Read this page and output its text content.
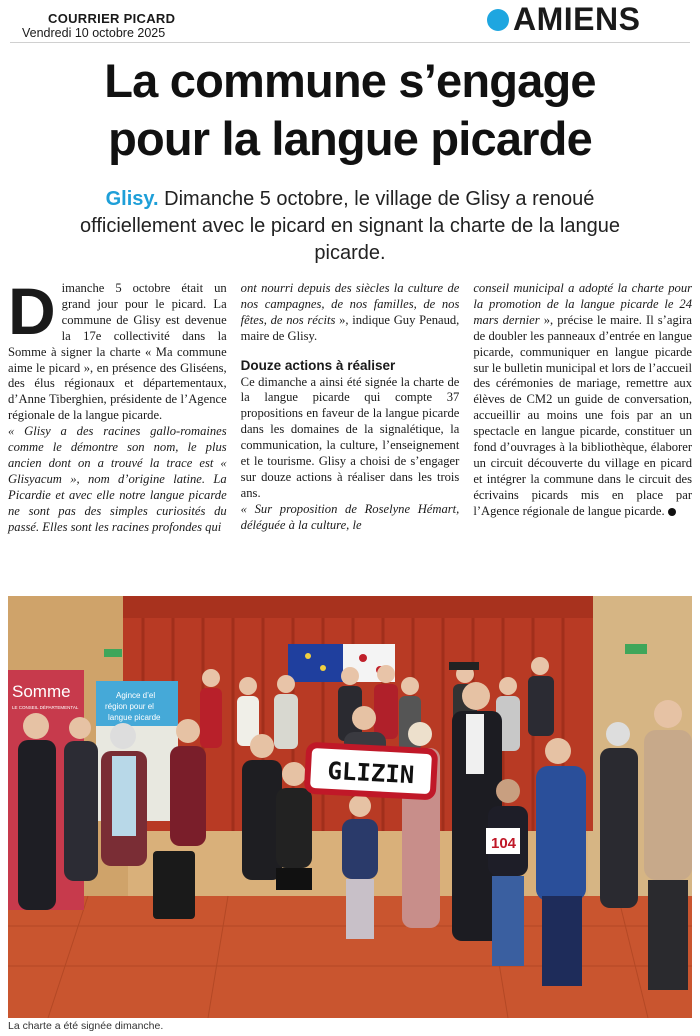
COURRIER PICARD
Vendredi 10 octobre 2025	AMIENS
La commune s’engage
pour la langue picarde

Glisy. Dimanche 5 octobre, le village de Glisy a renoué officiellement avec le picard en signant la charte de la langue picarde.

Dimanche 5 octobre était un grand jour pour le picard. La commune de Glisy est devenue la 17e collectivité dans la Somme à signer la charte « Ma commune aime le picard », en présence des Gliséens, des élus régionaux et départementaux, d’Anne Tiberghien, présidente de l’Agence régionale de la langue picarde.

« Glisy a des racines gallo-romaines comme le démontre son nom, le plus ancien dont on a trouvé la trace est « Glisyacum », nom d’origine latine. La Picardie et avec elle notre langue picarde ne sont pas des simples curiosités du passé. Elles sont les racines profondes qui

ont nourri depuis des siècles la culture de nos campagnes, de nos familles, de nos fêtes, de nos récits », indique Guy Penaud, maire de Glisy.

Douze actions à réaliser

Ce dimanche a ainsi été signée la charte de la langue picarde qui compte 37 propositions en faveur de la langue picarde dans les domaines de la signalétique, la communication, la culture, l’enseignement et le tourisme. Glisy a choisi de s’engager sur douze actions à réaliser dans les trois ans.

« Sur proposition de Roselyne Hémart, déléguée à la culture, le

conseil municipal a adopté la charte pour la promotion de la langue picarde le 24 mars dernier », précise le maire. Il s’agira de doubler les panneaux d’entrée en langue picarde, communiquer en langue picarde sur le bulletin municipal et lors de l’accueil des cérémonies de mariage, remettre aux élèves de CM2 un guide de conversation, accueillir au moins une fois par an un spectacle en langue picarde, constituer un fond d’ouvrages à la bibliothèque, élaborer un circuit découverte du village en picard et intégrer la commune dans le circuit des écrivains picards mis en place par l’Agence régionale de langue picarde.

Somme
LE CONSEIL DÉPARTEMENTAL
Agince d’el
région pour el
langue picarde
104
GLIZIN
La charte a été signée dimanche.
